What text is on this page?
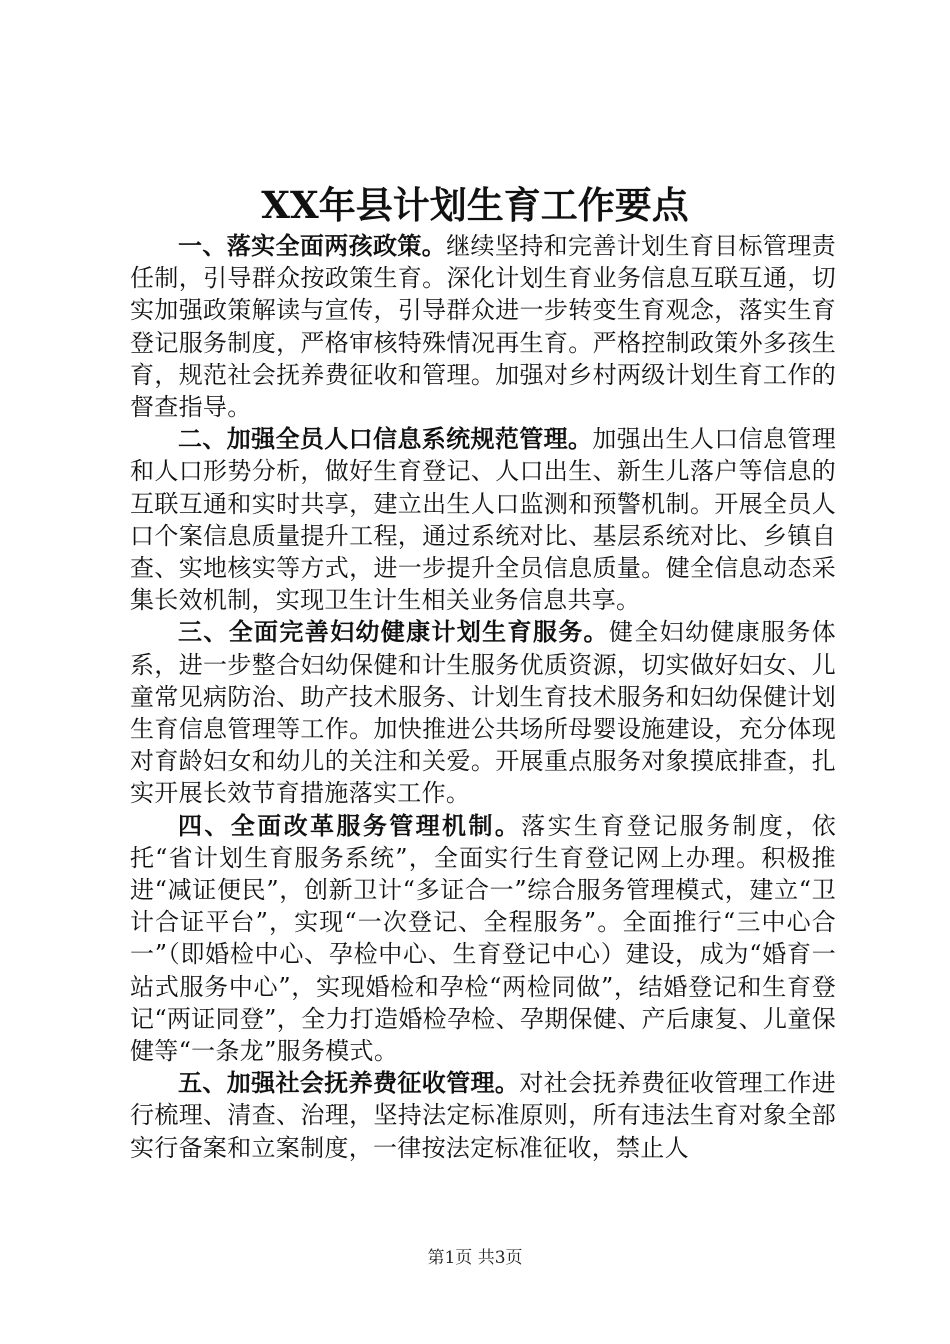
XX年县计划生育工作要点

一、落实全面两孩政策。继续坚持和完善计划生育目标管理责任制，引导群众按政策生育。深化计划生育业务信息互联互通，切实加强政策解读与宣传，引导群众进一步转变生育观念，落实生育登记服务制度，严格审核特殊情况再生育。严格控制政策外多孩生育，规范社会抚养费征收和管理。加强对乡村两级计划生育工作的督查指导。

二、加强全员人口信息系统规范管理。加强出生人口信息管理和人口形势分析，做好生育登记、人口出生、新生儿落户等信息的互联互通和实时共享，建立出生人口监测和预警机制。开展全员人口个案信息质量提升工程，通过系统对比、基层系统对比、乡镇自查、实地核实等方式，进一步提升全员信息质量。健全信息动态采集长效机制，实现卫生计生相关业务信息共享。

三、全面完善妇幼健康计划生育服务。健全妇幼健康服务体系，进一步整合妇幼保健和计生服务优质资源，切实做好妇女、儿童常见病防治、助产技术服务、计划生育技术服务和妇幼保健计划生育信息管理等工作。加快推进公共场所母婴设施建设，充分体现对育龄妇女和幼儿的关注和关爱。开展重点服务对象摸底排查，扎实开展长效节育措施落实工作。

四、全面改革服务管理机制。落实生育登记服务制度，依托“省计划生育服务系统”，全面实行生育登记网上办理。积极推进“减证便民”，创新卫计“多证合一”综合服务管理模式，建立“卫计合证平台”，实现“一次登记、全程服务”。全面推行“三中心合一”（即婚检中心、孕检中心、生育登记中心）建设，成为“婚育一站式服务中心”，实现婚检和孕检“两检同做”，结婚登记和生育登记“两证同登”，全力打造婚检孕检、孕期保健、产后康复、儿童保健等“一条龙”服务模式。

五、加强社会抚养费征收管理。对社会抚养费征收管理工作进行梳理、清查、治理，坚持法定标准原则，所有违法生育对象全部实行备案和立案制度，一律按法定标准征收，禁止人

第1页 共3页
